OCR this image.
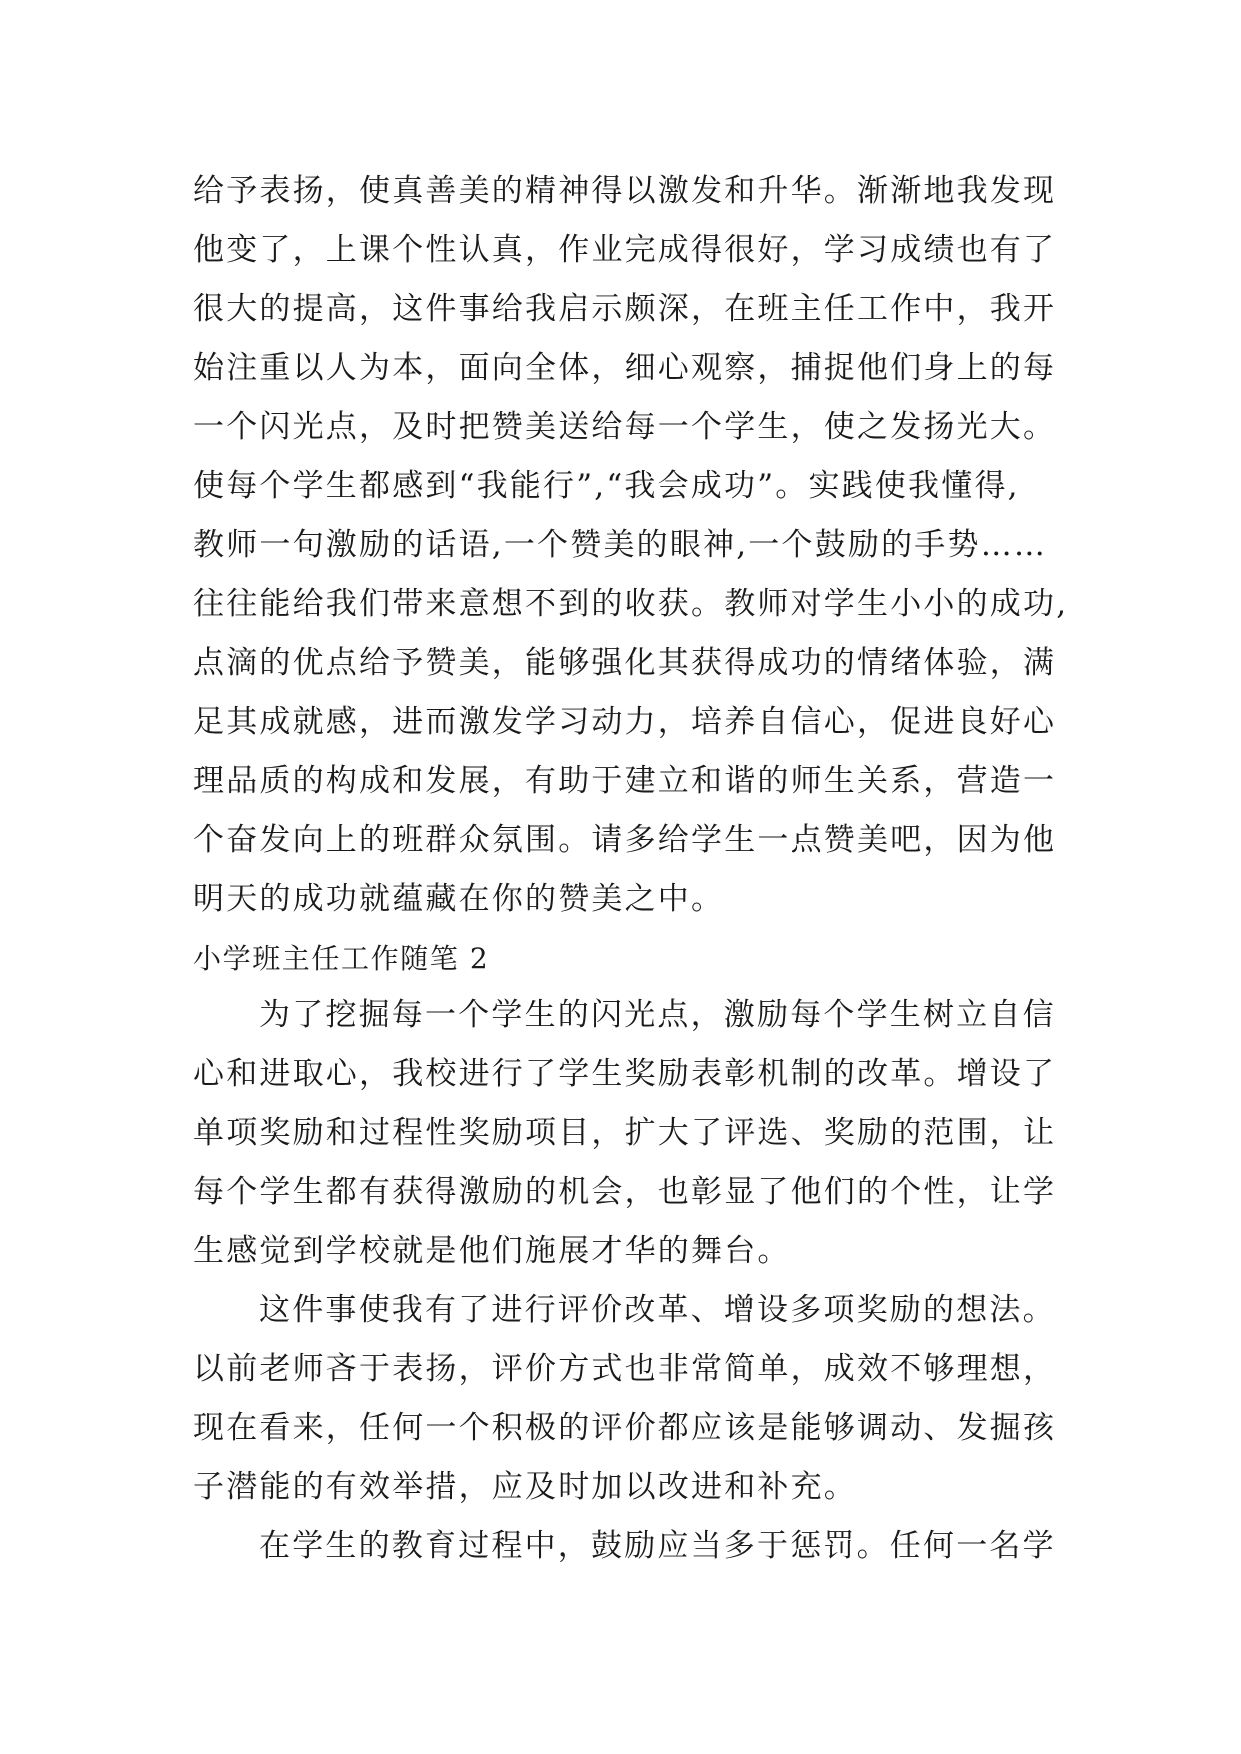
给予表扬，使真善美的精神得以激发和升华。渐渐地我发现
他变了，上课个性认真，作业完成得很好，学习成绩也有了
很大的提高，这件事给我启示颇深，在班主任工作中，我开
始注重以人为本，面向全体，细心观察，捕捉他们身上的每
一个闪光点，及时把赞美送给每一个学生，使之发扬光大。
使每个学生都感到“我能行”,“我会成功”。实践使我懂得,
教师一句激励的话语,一个赞美的眼神,一个鼓励的手势……
往往能给我们带来意想不到的收获。教师对学生小小的成功,
点滴的优点给予赞美，能够强化其获得成功的情绪体验，满
足其成就感，进而激发学习动力，培养自信心，促进良好心
理品质的构成和发展，有助于建立和谐的师生关系，营造一
个奋发向上的班群众氛围。请多给学生一点赞美吧，因为他
明天的成功就蕴藏在你的赞美之中。
小学班主任工作随笔 2
为了挖掘每一个学生的闪光点，激励每个学生树立自信
心和进取心，我校进行了学生奖励表彰机制的改革。增设了
单项奖励和过程性奖励项目，扩大了评选、奖励的范围，让
每个学生都有获得激励的机会，也彰显了他们的个性，让学
生感觉到学校就是他们施展才华的舞台。
这件事使我有了进行评价改革、增设多项奖励的想法。
以前老师吝于表扬，评价方式也非常简单，成效不够理想，
现在看来，任何一个积极的评价都应该是能够调动、发掘孩
子潜能的有效举措，应及时加以改进和补充。
在学生的教育过程中，鼓励应当多于惩罚。任何一名学
